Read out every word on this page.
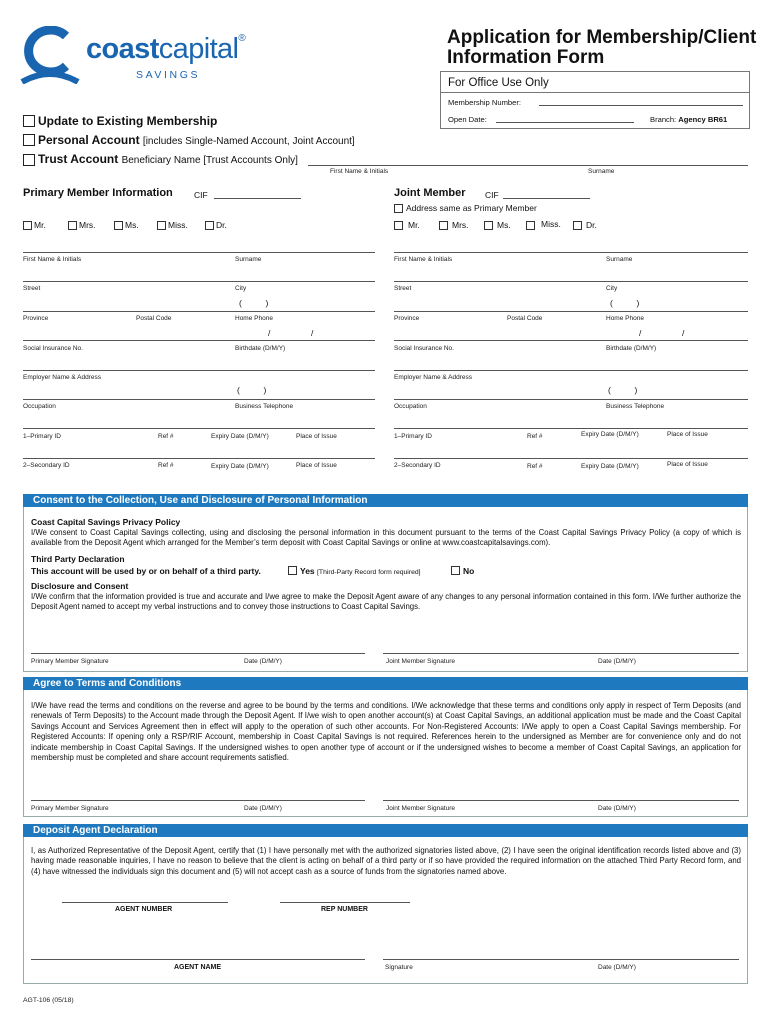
coastcapital®
SAVINGS
Application for Membership/Client
Information Form
For Office Use Only
Membership Number:
Open Date:	Branch: Agency BR61
Update to Existing Membership
Personal Account [includes Single-Named Account, Joint Account]
Trust Account Beneficiary Name [Trust Accounts Only]
First Name & Initials	Surname
Primary Member Information CIF	Joint Member CIF
Address same as Primary Member
Mr.	Mrs.	Ms.	Miss.	Dr.	Mr.	Mrs.	Ms.	Miss.	Dr.
First Name & Initials	Surname	First Name & Initials	Surname
Street	City	Street	City
(          )
Province	Postal Code	Home Phone
(          )
Province	Postal Code	Home Phone
/	/
Social Insurance No.	Birthdate (D/M/Y)
/	/
Social Insurance No.	Birthdate (D/M/Y)
Employer Name & Address	Employer Name & Address
(          )
Occupation	Business Telephone
(          )
Occupation	Business Telephone
1–Primary ID	Ref #	Expiry Date (D/M/Y)	Place of Issue	1–Primary ID	Ref #	Expiry Date (D/M/Y)	Place of Issue
2–Secondary ID	Ref #	Expiry Date (D/M/Y)	Place of Issue	2–Secondary ID	Ref #	Expiry Date (D/M/Y)	Place of Issue
Consent to the Collection, Use and Disclosure of Personal Information
Coast Capital Savings Privacy Policy
I/We consent to Coast Capital Savings collecting, using and disclosing the personal information in this document pursuant to the terms of the Coast Capital Savings Privacy Policy (a copy of which is available from the Deposit Agent which arranged for the Member’s term deposit with Coast Capital Savings or online at www.coastcapitalsavings.com).
Third Party Declaration
This account will be used by or on behalf of a third party.	Yes [Third-Party Record form required]	No
Disclosure and Consent
I/We confirm that the information provided is true and accurate and I/we agree to make the Deposit Agent aware of any changes to any personal information contained in this form. I/We further authorize the Deposit Agent named to accept my verbal instructions and to convey those instructions to Coast Capital Savings.
Primary Member Signature	Date (D/M/Y)	Joint Member Signature	Date (D/M/Y)
Agree to Terms and Conditions
I/We have read the terms and conditions on the reverse and agree to be bound by the terms and conditions. I/We acknowledge that these terms and conditions only apply in respect of Term Deposits (and renewals of Term Deposits) to the Account made through the Deposit Agent. If I/we wish to open another account(s) at Coast Capital Savings, an additional application must be made and the Coast Capital Savings Account and Services Agreement then in effect will apply to the operation of such other accounts. For Non-Registered Accounts: I/We apply to open a Coast Capital Savings membership. For Registered Accounts: If opening only a RSP/RIF Account, membership in Coast Capital Savings is not required. References herein to the undersigned as Member are for convenience only and do not indicate membership in Coast Capital Savings. If the undersigned wishes to open another type of account or if the undersigned wishes to become a member of Coast Capital Savings, an application for membership must be completed and share account requirements satisfied.
Primary Member Signature	Date (D/M/Y)	Joint Member Signature	Date (D/M/Y)
Deposit Agent Declaration
I, as Authorized Representative of the Deposit Agent, certify that (1) I have personally met with the authorized signatories listed above, (2) I have seen the original identification records listed above and (3) having made reasonable inquiries, I have no reason to believe that the client is acting on behalf of a third party or if so have provided the required information on the attached Third Party Record form, and (4) have witnessed the individuals sign this document and (5) will not accept cash as a source of funds from the signatories named above.
AGENT NUMBER	REP NUMBER
AGENT NAME	Signature	Date (D/M/Y)
AGT-106 (05/18)
